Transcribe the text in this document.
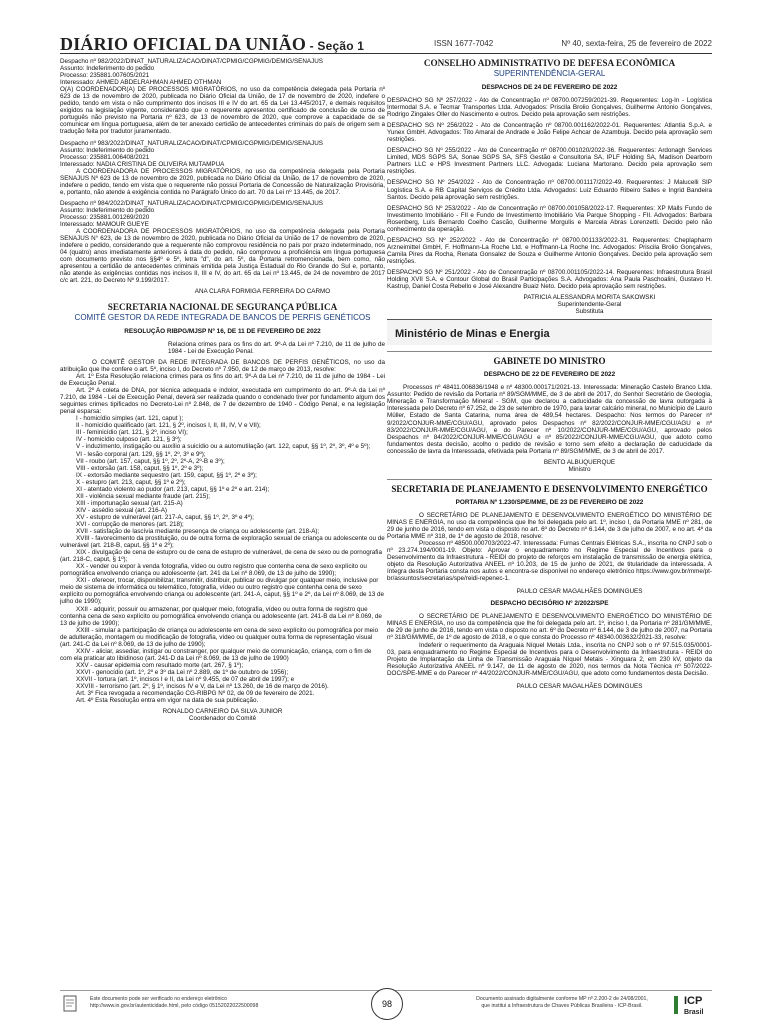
DIÁRIO OFICIAL DA UNIÃO - Seção 1	ISSN 1677-7042	Nº 40, sexta-feira, 25 de fevereiro de 2022

Despacho nº 982/2022/DINAT_NATURALIZACAO/DINAT/CPMIG/CGPMIG/DEMIG/SENAJUS

Assunto: Indeferimento do pedido

Processo: 235881.007605/2021

Interessado: AHMED ABDELRAHMAN AHMED OTHMAN

O(A) COORDENADOR(A) DE PROCESSOS MIGRATÓRIOS, no uso da competência delegada pela Portaria nº 623 de 13 de novembro de 2020, publicada no Diário Oficial da União, de 17 de novembro de 2020, indefere o pedido, tendo em vista o não cumprimento dos incisos III e IV do art. 65 da Lei 13.445/2017, e demais requisitos exigidos na legislação vigente, considerando que o requerente apresentou certificado de conclusão de curso de português não previsto na Portaria nº 623, de 13 de novembro de 2020, que comprove a capacidade de se comunicar em língua portuguesa, além de ter anexado certidão de antecedentes criminais do país de origem sem a tradução feita por tradutor juramentado.

Despacho nº 983/2022/DINAT_NATURALIZACAO/DINAT/CPMIG/CGPMIG/DEMIG/SENAJUS

Assunto: Indeferimento do pedido

Processo: 235881.006408/2021

Interessado: NADIA CRISTINA DE OLIVEIRA MUTAMPUA

A COORDENADORA DE PROCESSOS MIGRATÓRIOS, no uso da competência delegada pela Portaria SENAJUS Nº 623 de 13 de novembro de 2020, publicada no Diário Oficial da União, de 17 de novembro de 2020, indefere o pedido, tendo em vista que o requerente não possui Portaria de Concessão de Naturalização Provisória, e, portanto, não atende à exigência contida no Parágrafo Único do art. 70 da Lei nº 13.445, de 2017.

Despacho nº 984/2022/DINAT_NATURALIZACAO/DINAT/CPMIG/CGPMIG/DEMIG/SENAJUS

Assunto: Indeferimento do pedido

Processo: 235881.001269/2020

Interessado: MAMOUR GUEYE

A COORDENADORA DE PROCESSOS MIGRATÓRIOS, no uso da competência delegada pela Portaria SENAJUS N° 623, de 13 de novembro de 2020, publicada no Diário Oficial da União de 17 de novembro de 2020, indefere o pedido, considerando que a requerente não comprovou residência no país por prazo indeterminado, nos 04 (quatro) anos imediatamente anteriores à data do pedido, não comprovou a proficiência em língua portuguesa com documento previsto nos §§4º e 5º, letra "d", do art. 5º, da Portaria retromencionada, bem como, não apresentou a certidão de antecedentes criminais emitida pela Justiça Estadual do Rio Grande do Sul e, portanto, não atende às exigências contidas nos incisos II, III e IV, do art. 65 da Lei nº 13.445, de 24 de novembro de 2017 c/c art. 221, do Decreto Nº 9.199/2017.

ANA CLARA FORMIGA FERREIRA DO CARMO

SECRETARIA NACIONAL DE SEGURANÇA PÚBLICA

COMITÊ GESTOR DA REDE INTEGRADA DE BANCOS DE PERFIS GENÉTICOS

RESOLUÇÃO RIBPG/MJSP Nº 16, DE 11 DE FEVEREIRO DE 2022

Relaciona crimes para os fins do art. 9º-A da Lei nº 7.210, de 11 de julho de 1984 - Lei de Execução Penal.

O COMITÊ GESTOR DA REDE INTEGRADA DE BANCOS DE PERFIS GENÉTICOS, no uso da atribuição que lhe confere o art. 5º, inciso I, do Decreto nº 7.950, de 12 de março de 2013, resolve:

Art. 1º Esta Resolução relaciona crimes para os fins do art. 9º-A da Lei nº 7.210, de 11 de julho de 1984 - Lei de Execução Penal.

Art. 2º A coleta de DNA, por técnica adequada e indolor, executada em cumprimento do art. 9º-A da Lei nº 7.210, de 1984 - Lei de Execução Penal, deverá ser realizada quando o condenado tiver por fundamento algum dos seguintes crimes tipificados no Decreto-Lei nº 2.848, de 7 de dezembro de 1940 - Código Penal, e na legislação penal esparsa:

I - homicídio simples (art. 121, caput );

II - homicídio qualificado (art. 121, § 2º, incisos I, II, III, IV, V e VII);

III - feminicídio (art. 121, § 2º, inciso VI);

IV - homicídio culposo (art. 121, § 3º);

V - induzimento, instigação ou auxílio a suicídio ou a automutilação (art. 122, caput, §§ 1º, 2º, 3º, 4º e 5º);

VI - lesão corporal (art. 129, §§ 1º, 2º, 3º e 9º);

VII - roubo (art. 157, caput, §§ 1º, 2º, 2º-A, 2º-B e 3º);

VIII - extorsão (art. 158, caput, §§ 1º, 2º e 3º);

IX - extorsão mediante sequestro (art. 159, caput, §§ 1º, 2º e 3º);

X - estupro (art. 213, caput, §§ 1º e 2º);

XI - atentado violento ao pudor (art. 213, caput, §§ 1º e 2º e art. 214);

XII - violência sexual mediante fraude (art. 215);

XIII - importunação sexual (art. 215-A)

XIV - assédio sexual (art. 216-A)

XV - estupro de vulnerável (art. 217-A, caput, §§ 1º, 2º, 3º e 4º);

XVI - corrupção de menores (art. 218);

XVII - satisfação de lascívia mediante presença de criança ou adolescente (art. 218-A);

XVIII - favorecimento da prostituição, ou de outra forma de exploração sexual de criança ou adolescente ou de vulnerável (art. 218-B, caput, §§ 1º e 2º);

XIX - divulgação de cena de estupro ou de cena de estupro de vulnerável, de cena de sexo ou de pornografia (art. 218-C, caput, § 1º);

XX - vender ou expor à venda fotografia, vídeo ou outro registro que contenha cena de sexo explícito ou pornográfica envolvendo criança ou adolescente (art. 241 da Lei nº 8.069, de 13 de julho de 1990);

XXI - oferecer, trocar, disponibilizar, transmitir, distribuir, publicar ou divulgar por qualquer meio, inclusive por meio de sistema de informática ou telemático, fotografia, vídeo ou outro registro que contenha cena de sexo explícito ou pornográfica envolvendo criança ou adolescente (art. 241-A, caput, §§ 1º e 2º, da Lei nº 8.069, de 13 de julho de 1990);

XXII - adquirir, possuir ou armazenar, por qualquer meio, fotografia, vídeo ou outra forma de registro que contenha cena de sexo explícito ou pornográfica envolvendo criança ou adolescente (art. 241-B da Lei nº 8.069, de 13 de julho de 1990);

XXIII - simular a participação de criança ou adolescente em cena de sexo explícito ou pornográfica por meio de adulteração, montagem ou modificação de fotografia, vídeo ou qualquer outra forma de representação visual (art. 241-C da Lei nº 8.069, de 13 de julho de 1990);

XXIV - aliciar, assediar, instigar ou constranger, por qualquer meio de comunicação, criança, com o fim de com ela praticar ato libidinoso (art. 241-D da Lei nº 8.069, de 13 de julho de 1990)

XXV - causar epidemia com resultado morte (art. 267, § 1º);

XXVI - genocídio (art. 1º, 2º e 3º da Lei nº 2.889, de 1º de outubro de 1956);

XXVII - tortura (art. 1º, incisos I e II, da Lei nº 9.455, de 07 de abril de 1997); e

XXVIII - terrorismo (art. 2º, § 1º, incisos IV e V, da Lei nº 13.260, de 16 de março de 2016).

Art. 3º Fica revogada a recomendação CG-RIBPG Nº 02, de 09 de fevereiro de 2021.

Art. 4º Esta Resolução entra em vigor na data de sua publicação.

RONALDO CARNEIRO DA SILVA JUNIOR

Coordenador do Comitê

CONSELHO ADMINISTRATIVO DE DEFESA ECONÔMICA

SUPERINTENDÊNCIA-GERAL

DESPACHOS DE 24 DE FEVEREIRO DE 2022

DESPACHO SG Nº 257/2022 - Ato de Concentração nº 08700.007259/2021-39. Requerentes: Log-In - Logística Intermodal S.A. e Tecmar Transportes Ltda. Advogados: Priscila Brolio Gonçalves, Guilherme Antonio Gonçalves, Rodrigo Zingales Oller do Nascimento e outros. Decido pela aprovação sem restrições.

DESPACHO SG Nº 256/2022 - Ato de Concentração nº 08700.001162/2022-01. Requerentes: Atlantia S.p.A. e Yunex GmbH. Advogados: Tito Amaral de Andrade e João Felipe Achcar de Azambuja. Decido pela aprovação sem restrições.

DESPACHO SG Nº 255/2022 - Ato de Concentração nº 08700.001020/2022-36. Requerentes: Ardonagh Services Limited, MDS SGPS SA, Sonae SGPS SA, SFS Gestão e Consultoria SA, IPLF Holding SA, Madison Dearborn Partners LLC e HPS Investment Partners LLC. Advogada: Luciana Martorano. Decido pela aprovação sem restrições.

DESPACHO SG Nº 254/2022 - Ato de Concentração nº 08700.001117/2022-49. Requerentes: J Malucelli SIP Logística S.A. e RB Capital Serviços de Crédito Ltda. Advogados: Luiz Eduardo Ribeiro Salles e Ingrid Bandeira Santos. Decido pela aprovação sem restrições.

DESPACHO SG Nº 253/2022 - Ato de Concentração nº 08700.001058/2022-17. Requerentes: XP Malls Fundo de Investimento Imobiliário - FII e Fundo de Investimento Imobiliário Via Parque Shopping - FII. Advogados: Barbara Rosenberg, Luís Bernardo Coelho Cascão, Guilherme Morgulis e Marcela Abras Lorenzetti. Decido pelo não conhecimento da operação.

DESPACHO SG Nº 252/2022 - Ato de Concentração nº 08700.001133/2022-31. Requerentes: Cheplapharm Arzneimittel GmbH, F. Hoffmann-La Roche Ltd. e Hoffmann-La Roche Inc. Advogados: Priscila Brolio Gonçalves, Camila Pires da Rocha, Renata Gonsalez de Souza e Guilherme Antonio Gonçalves. Decido pela aprovação sem restrições.

DESPACHO SG Nº 251/2022 - Ato de Concentração nº 08700.001105/2022-14. Requerentes: Infraestrutura Brasil Holding XVII S.A. e Contour Global do Brasil Participações S.A. Advogados: Ana Paula Paschoalini, Gustavo H. Kastrup, Daniel Costa Rebello e José Alexandre Buaiz Neto. Decido pela aprovação sem restrições.

PATRICIA ALESSANDRA MORITA SAKOWSKI

Superintendente-Geral

Substituta

Ministério de Minas e Energia
GABINETE DO MINISTRO

DESPACHO DE 22 DE FEVEREIRO DE 2022

Processos nº 48411.006836/1948 e nº 48300.000171/2021-13. Interessada: Mineração Castelo Branco Ltda. Assunto: Pedido de revisão da Portaria nº 89/SGM/MME, de 3 de abril de 2017, do Senhor Secretário de Geologia, Mineração e Transformação Mineral - SGM, que declarou a caducidade da concessão de lavra outorgada à Interessada pelo Decreto nº 67.252, de 23 de setembro de 1970, para lavrar calcário mineral, no Município de Lauro Müller, Estado de Santa Catarina, numa área de 489,54 hectares. Despacho: Nos termos do Parecer nº 9/2022/CONJUR-MME/CGU/AGU, aprovado pelos Despachos nº 82/2022/CONJUR-MME/CGU/AGU e nº 83/2022/CONJUR-MME/CGU/AGU, e do Parecer nº 10/2022/CONJUR-MME/CGU/AGU, aprovado pelos Despachos nº 84/2022/CONJUR-MME/CGU/AGU e nº 85/2022/CONJUR-MME/CGU/AGU, que adoto como fundamentos desta decisão, acolho o pedido de revisão e torno sem efeito a declaração de caducidade da concessão de lavra da Interessada, efetivada pela Portaria nº 89/SGM/MME, de 3 de abril de 2017.

BENTO ALBUQUERQUE

Ministro

SECRETARIA DE PLANEJAMENTO E DESENVOLVIMENTO ENERGÉTICO

PORTARIA Nº 1.230/SPE/MME, DE 23 DE FEVEREIRO DE 2022

O SECRETÁRIO DE PLANEJAMENTO E DESENVOLVIMENTO ENERGÉTICO DO MINISTÉRIO DE MINAS E ENERGIA, no uso da competência que lhe foi delegada pelo art. 1º, inciso I, da Portaria MME nº 281, de 29 de junho de 2016, tendo em vista o disposto no art. 6º do Decreto nº 6.144, de 3 de julho de 2007, e no art. 4º da Portaria MME nº 318, de 1º de agosto de 2018, resolve:

Processo nº 48500.000703/2022-47. Interessada: Furnas Centrais Elétricas S.A., inscrita no CNPJ sob o nº 23.274.194/0001-19. Objeto: Aprovar o enquadramento no Regime Especial de Incentivos para o Desenvolvimento da Infraestrutura - REIDI do projeto de reforços em instalação de transmissão de energia elétrica, objeto da Resolução Autorizativa ANEEL nº 10.203, de 15 de junho de 2021, de titularidade da interessada. A íntegra desta Portaria consta nos autos e encontra-se disponível no endereço eletrônico https://www.gov.br/mme/pt-br/assuntos/secretarias/spe/reidi-repenec-1.

PAULO CESAR MAGALHÃES DOMINGUES

DESPACHO DECISÓRIO Nº 2/2022/SPE

O SECRETÁRIO DE PLANEJAMENTO E DESENVOLVIMENTO ENERGÉTICO DO MINISTÉRIO DE MINAS E ENERGIA, no uso da competência que lhe foi delegada pelo art. 1º, inciso I, da Portaria nº 281/GM/MME, de 29 de junho de 2016, tendo em vista o disposto no art. 6º do Decreto nº 6.144, de 3 de julho de 2007, na Portaria nº 318/GM/MME, de 1º de agosto de 2018, e o que consta do Processo nº 48340.003632/2021-33, resolve:

Indeferir o requerimento da Araguaia Níquel Metais Ltda., inscrita no CNPJ sob o nº 97.515.035/0001-03, para enquadramento no Regime Especial de Incentivos para o Desenvolvimento da Infraestrutura - REIDI do Projeto de Implantação da Linha de Transmissão Araguaia Níquel Metais - Xinguara 2, em 230 kV, objeto da Resolução Autorizativa ANEEL nº 9.147, de 11 de agosto de 2020, nos termos da Nota Técnica nº 507/2022-DOC/SPE-MME e do Parecer nº 44/2022/CONJUR-MME/CGU/AGU, que adoto como fundamentos desta Decisão.

PAULO CESAR MAGALHÃES DOMINGUES

Este documento pode ser verificado no endereço eletrônico
http://www.in.gov.br/autenticidade.html, pelo código 05152022022500098	98	Documento assinado digitalmente conforme MP nº 2.200-2 de 24/08/2001,
que institui a Infraestrutura de Chaves Públicas Brasileira - ICP-Brasil.	ICP
Brasil
